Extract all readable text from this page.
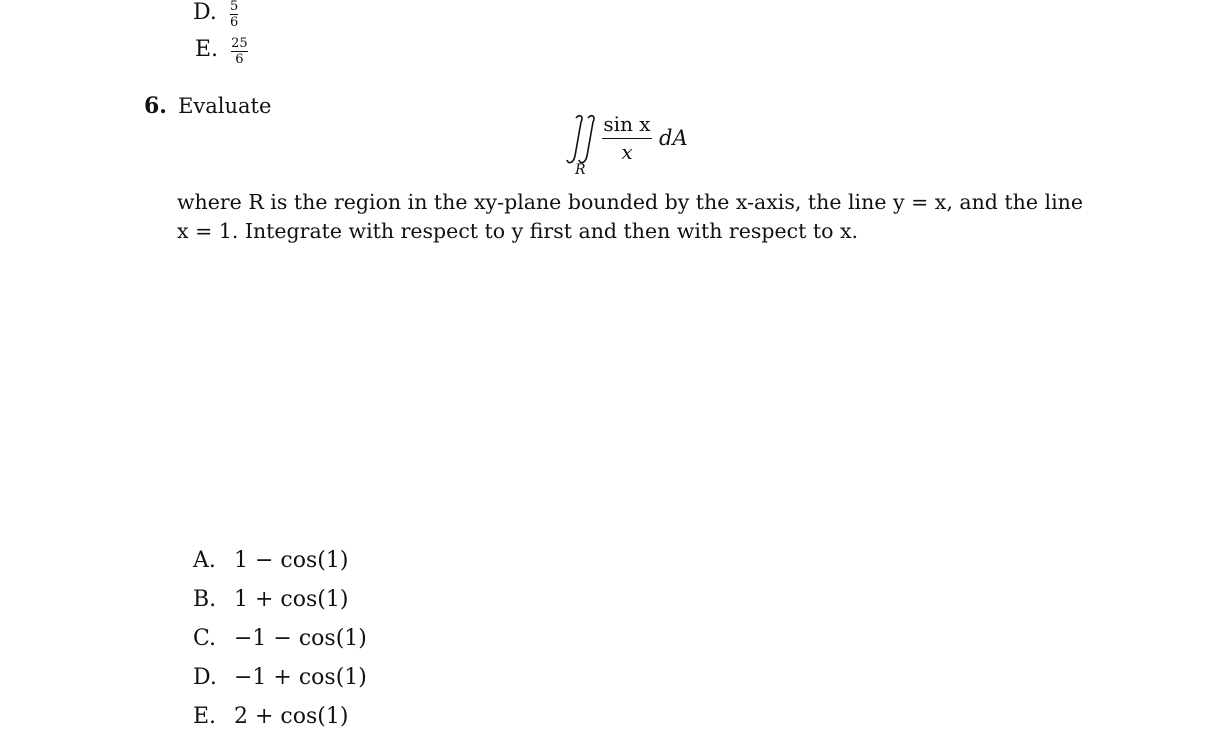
D. $\frac{5}{6}$
E. $\frac{25}{6}$
6. Evaluate
R
sin x
x
dA
where R is the region in the xy-plane bounded by the x-axis, the line y = x, and the line
x = 1. Integrate with respect to y first and then with respect to x.
A. 1 − cos(1)
B. 1 + cos(1)
C. −1 − cos(1)
D. −1 + cos(1)
E. 2 + cos(1)
